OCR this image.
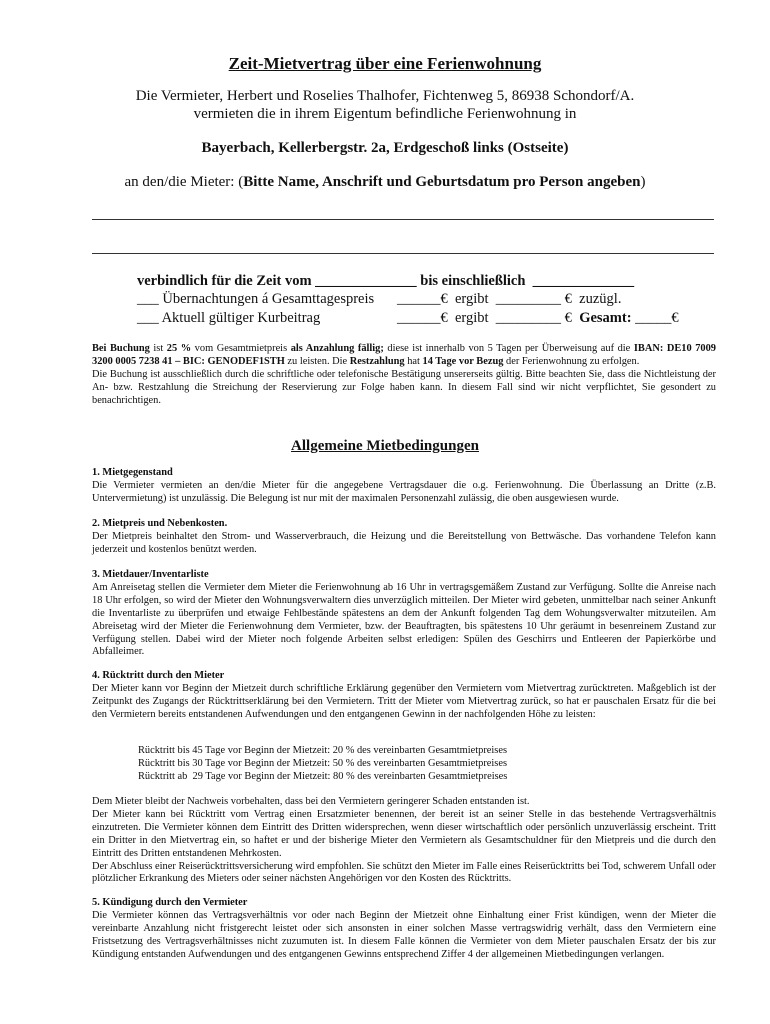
Zeit-Mietvertrag über eine Ferienwohnung
Die Vermieter, Herbert und Roselies Thalhofer, Fichtenweg 5, 86938 Schondorf/A.
vermieten die in ihrem Eigentum befindliche Ferienwohnung in
Bayerbach, Kellerbergstr. 2a, Erdgeschoß links (Ostseite)
an den/die Mieter: (Bitte Name, Anschrift und Geburtsdatum pro Person angeben)
verbindlich für die Zeit vom ______________ bis einschließlich  ______________
___ Übernachtungen á Gesamttagespreis ______€  ergibt  _________ €  zuzügl.
___ Aktuell gültiger Kurbeitrag	______€  ergibt  _________ € Gesamt: _____€

Bei Buchung ist 25 % vom Gesamtmietpreis als Anzahlung fällig; diese ist innerhalb von 5 Tagen per Überweisung auf die IBAN: DE10 7009 3200 0005 7238 41 – BIC: GENODEF1STH zu leisten. Die Restzahlung hat 14 Tage vor Bezug der Ferienwohnung zu erfolgen.

Die Buchung ist ausschließlich durch die schriftliche oder telefonische Bestätigung unsererseits gültig. Bitte beachten Sie, dass die Nichtleistung der An- bzw. Restzahlung die Streichung der Reservierung zur Folge haben kann. In diesem Fall sind wir nicht verpflichtet, Sie gesondert zu benachrichtigen.

Allgemeine Mietbedingungen

1. Mietgegenstand

Die Vermieter vermieten an den/die Mieter für die angegebene Vertragsdauer die o.g. Ferienwohnung. Die Überlassung an Dritte (z.B. Untervermietung) ist unzulässig. Die Belegung ist nur mit der maximalen Personenzahl zulässig, die oben ausgewiesen wurde.

2. Mietpreis und Nebenkosten.

Der Mietpreis beinhaltet den Strom- und Wasserverbrauch, die Heizung und die Bereitstellung von Bettwäsche. Das vorhandene Telefon kann jederzeit und kostenlos benützt werden.

3. Mietdauer/Inventarliste

Am Anreisetag stellen die Vermieter dem Mieter die Ferienwohnung ab 16 Uhr in vertragsgemäßem Zustand zur Verfügung. Sollte die Anreise nach 18 Uhr erfolgen, so wird der Mieter den Wohnungsverwaltern dies unverzüglich mitteilen. Der Mieter wird gebeten, unmittelbar nach seiner Ankunft die Inventarliste zu überprüfen und etwaige Fehlbestände spätestens an dem der Ankunft folgenden Tag dem Wohungsverwalter mitzuteilen. Am Abreisetag wird der Mieter die Ferienwohnung dem Vermieter, bzw. der Beauftragten, bis spätestens 10 Uhr geräumt in besenreinem Zustand zur Verfügung stellen. Dabei wird der Mieter noch folgende Arbeiten selbst erledigen: Spülen des Geschirrs und Entleeren der Papierkörbe und Abfalleimer.

4. Rücktritt durch den Mieter

Der Mieter kann vor Beginn der Mietzeit durch schriftliche Erklärung gegenüber den Vermietern vom Mietvertrag zurücktreten. Maßgeblich ist der Zeitpunkt des Zugangs der Rücktrittserklärung bei den Vermietern. Tritt der Mieter vom Mietvertrag zurück, so hat er pauschalen Ersatz für die bei den Vermietern bereits entstandenen Aufwendungen und den entgangenen Gewinn in der nachfolgenden Höhe zu leisten:

Rücktritt bis 45 Tage vor Beginn der Mietzeit: 20 % des vereinbarten Gesamtmietpreises
Rücktritt bis 30 Tage vor Beginn der Mietzeit: 50 % des vereinbarten Gesamtmietpreises
Rücktritt ab  29 Tage vor Beginn der Mietzeit: 80 % des vereinbarten Gesamtmietpreises

Dem Mieter bleibt der Nachweis vorbehalten, dass bei den Vermietern geringerer Schaden entstanden ist.

Der Mieter kann bei Rücktritt vom Vertrag einen Ersatzmieter benennen, der bereit ist an seiner Stelle in das bestehende Vertragsverhältnis einzutreten. Die Vermieter können dem Eintritt des Dritten widersprechen, wenn dieser wirtschaftlich oder persönlich unzuverlässig erscheint. Tritt ein Dritter in den Mietvertrag ein, so haftet er und der bisherige Mieter den Vermietern als Gesamtschuldner für den Mietpreis und die durch den Eintritt des Dritten entstandenen Mehrkosten.

Der Abschluss einer Reiserücktrittsversicherung wird empfohlen. Sie schützt den Mieter im Falle eines Reiserücktritts bei Tod, schwerem Unfall oder plötzlicher Erkrankung des Mieters oder seiner nächsten Angehörigen vor den Kosten des Rücktritts.

5. Kündigung durch den Vermieter

Die Vermieter können das Vertragsverhältnis vor oder nach Beginn der Mietzeit ohne Einhaltung einer Frist kündigen, wenn der Mieter die vereinbarte Anzahlung nicht fristgerecht leistet oder sich ansonsten in einer solchen Masse vertragswidrig verhält, dass den Vermietern eine Fristsetzung des Vertragsverhältnisses nicht zuzumuten ist. In diesem Falle können die Vermieter von dem Mieter pauschalen Ersatz der bis zur Kündigung entstanden Aufwendungen und des entgangenen Gewinns entsprechend Ziffer 4 der allgemeinen Mietbedingungen verlangen.
